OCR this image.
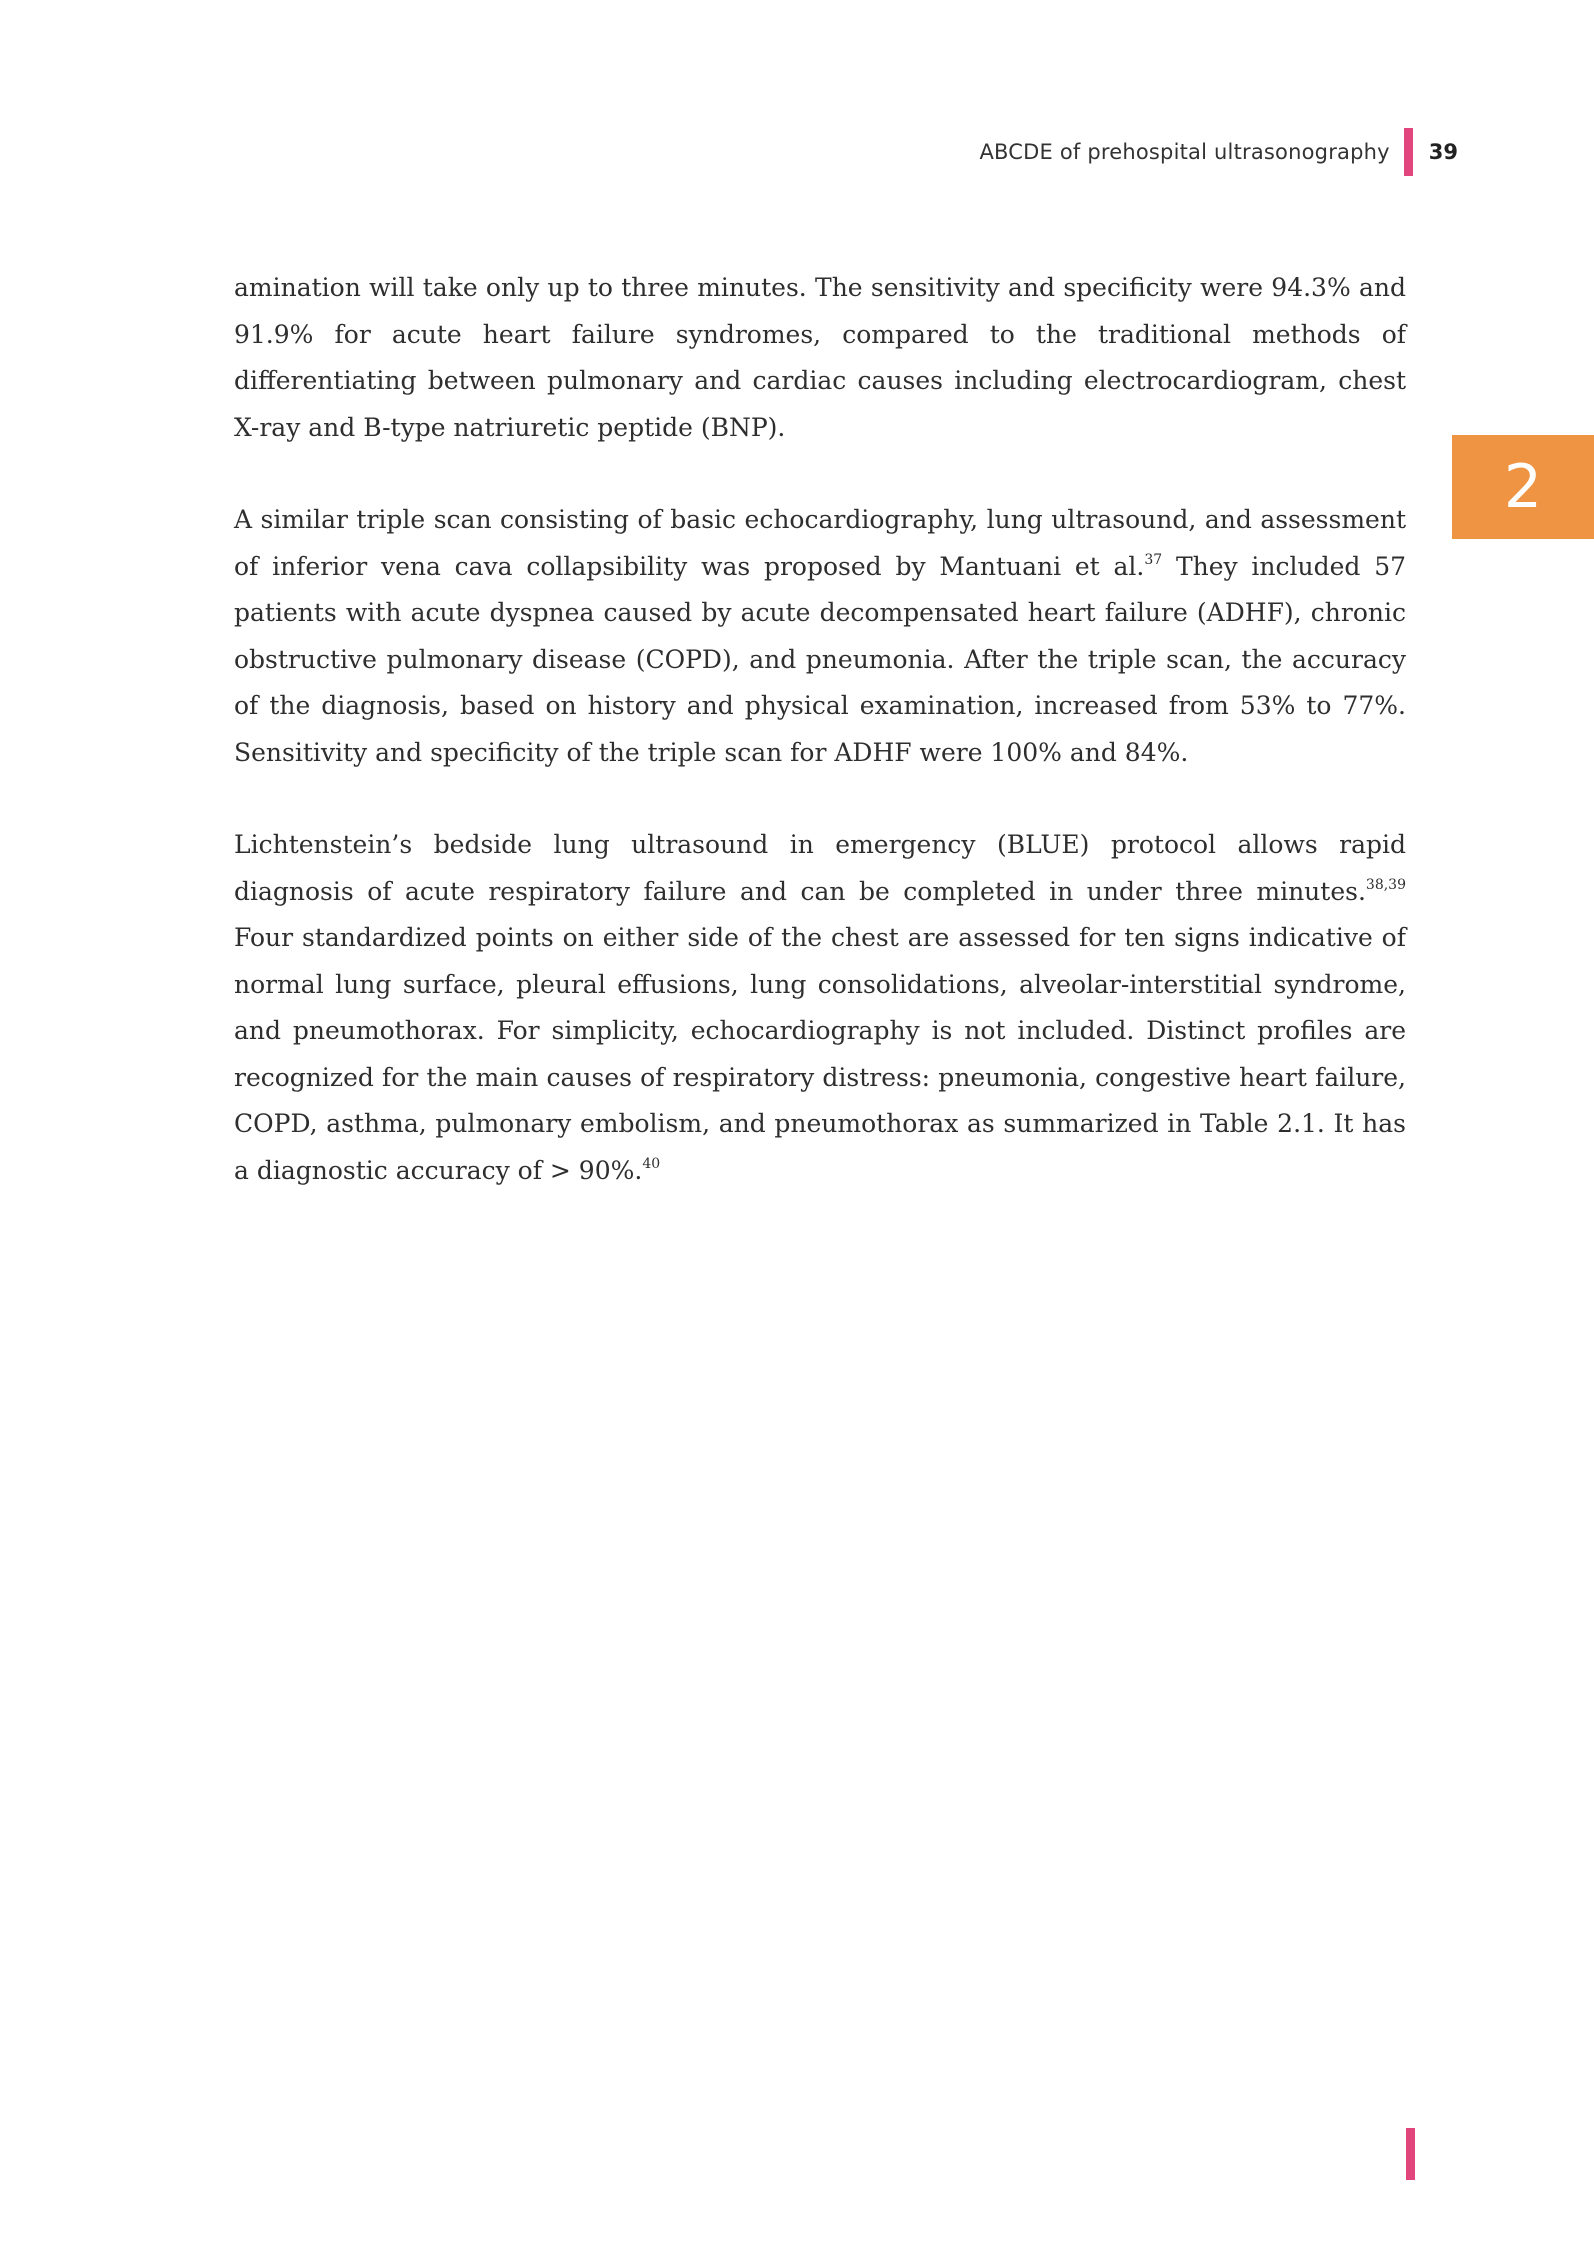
ABCDE of prehospital ultrasonography 39
2

amination will take only up to three minutes. The sensitivity and specificity were 94.3% and 91.9% for acute heart failure syndromes, compared to the traditional methods of differentiating between pulmonary and cardiac causes including electrocardiogram, chest X-ray and B-type natriuretic peptide (BNP).

A similar triple scan consisting of basic echocardiography, lung ultrasound, and assessment of inferior vena cava collapsibility was proposed by Mantuani et al.$^{37}$ They included 57 patients with acute dyspnea caused by acute decompensated heart failure (ADHF), chronic obstructive pulmonary disease (COPD), and pneumonia. After the triple scan, the accuracy of the diagnosis, based on history and physical examination, increased from 53% to 77%. Sensitivity and specificity of the triple scan for ADHF were 100% and 84%.

Lichtenstein’s bedside lung ultrasound in emergency (BLUE) protocol allows rapid diagnosis of acute respiratory failure and can be completed in under three minutes.$^{38,39}$ Four standardized points on either side of the chest are assessed for ten signs indicative of normal lung surface, pleural effusions, lung consolidations, alveolar-interstitial syndrome, and pneumothorax. For simplicity, echocardiography is not included. Distinct profiles are recognized for the main causes of respiratory distress: pneumonia, congestive heart failure, COPD, asthma, pulmonary embolism, and pneumothorax as summarized in Table 2.1. It has a diagnostic accuracy of > 90%.$^{40}$
